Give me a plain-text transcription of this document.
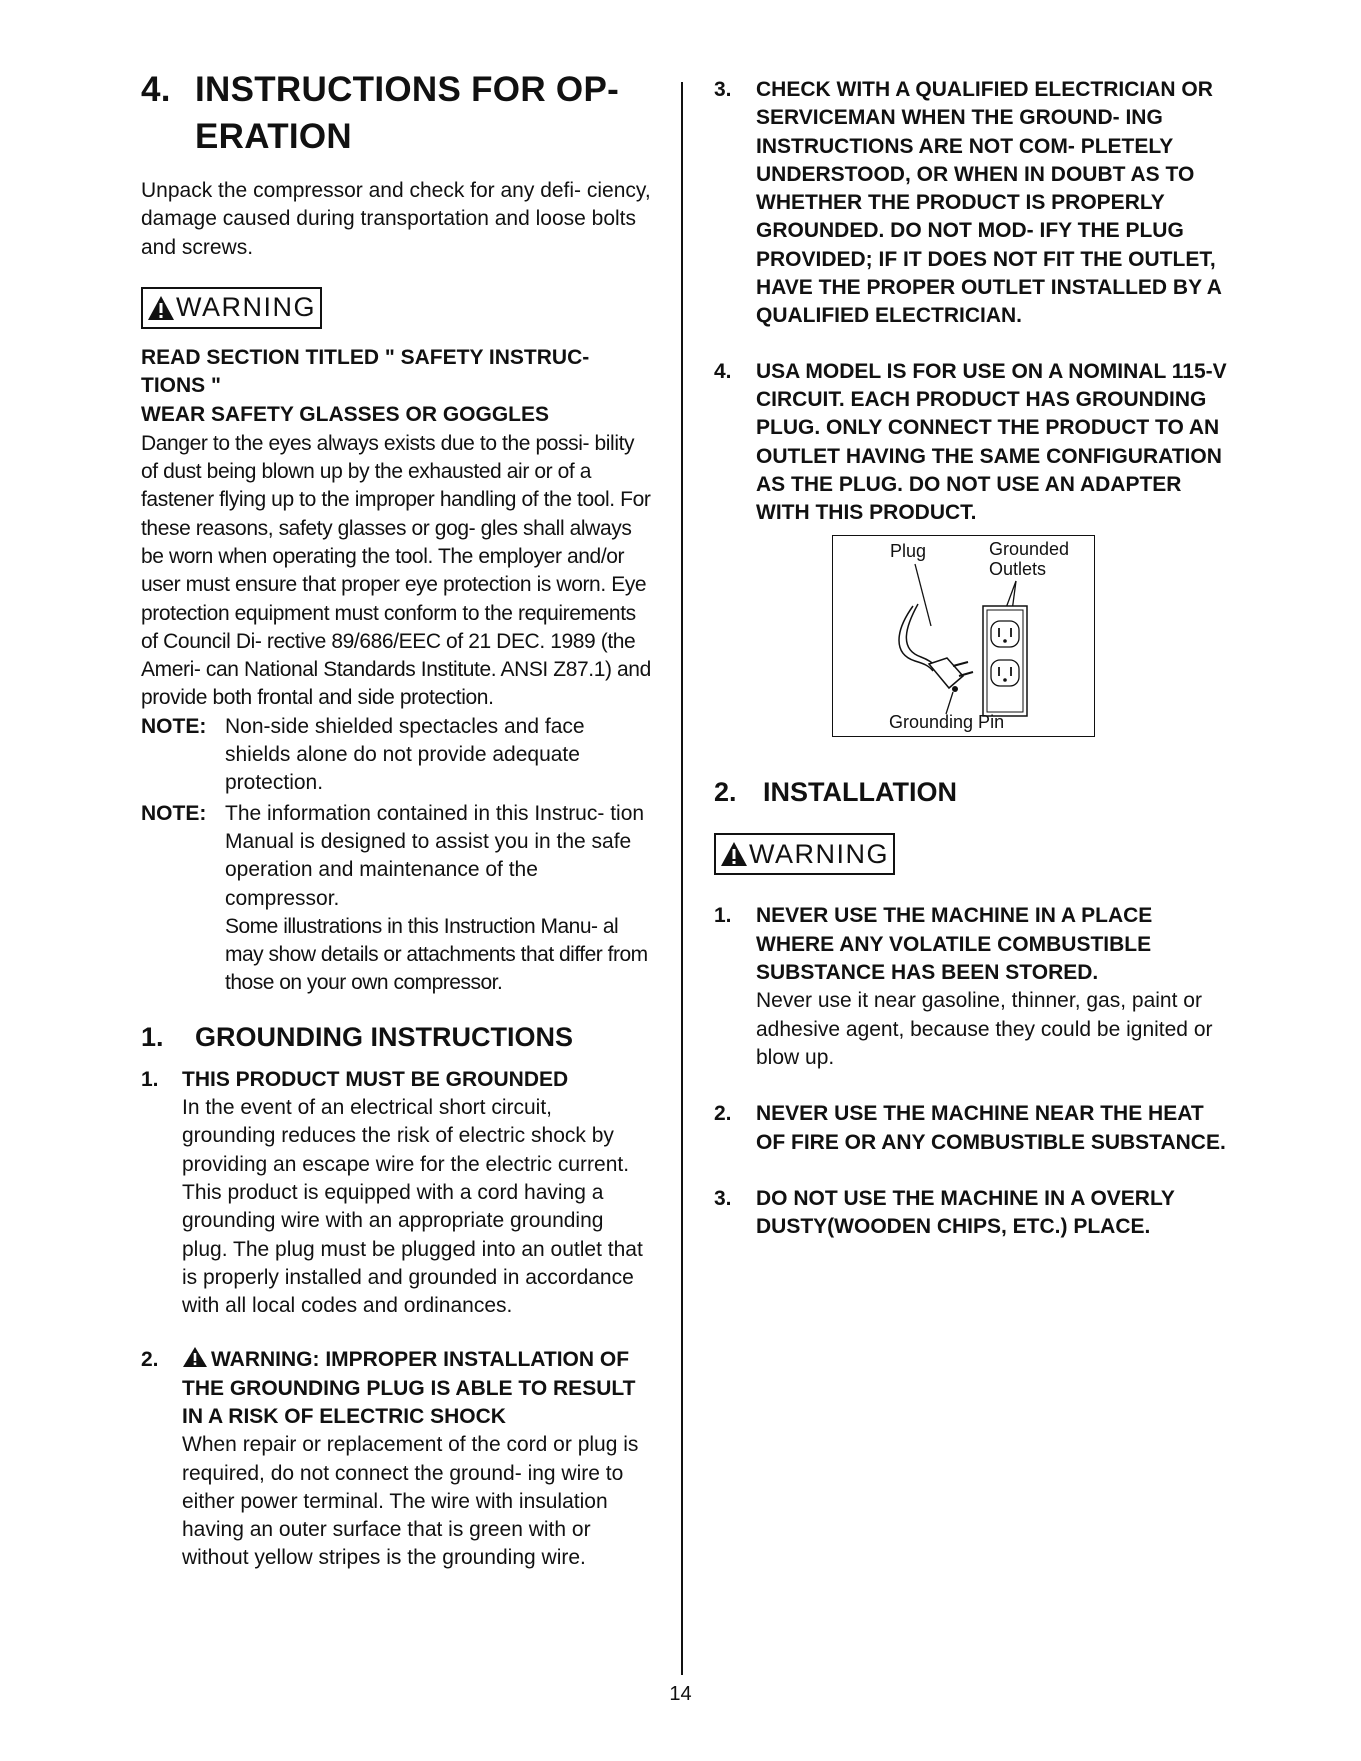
4. INSTRUCTIONS FOR OP-
ERATION

Unpack the compressor and check for any defi- ciency, damage caused during transportation and loose bolts and screws.

WARNING

READ SECTION TITLED " SAFETY INSTRUC- TIONS "

WEAR SAFETY GLASSES OR GOGGLES

Danger to the eyes always exists due to the possi- bility of dust being blown up by the exhausted air or of a fastener flying up to the improper handling of the tool. For these reasons, safety glasses or gog- gles shall always be worn when operating the tool. The employer and/or user must ensure that proper eye protection is worn. Eye protection equipment must conform to the requirements of Council Di- rective 89/686/EEC of 21 DEC. 1989 (the Ameri- can National Standards Institute. ANSI Z87.1) and provide both frontal and side protection.

NOTE: Non-side shielded spectacles and face shields alone do not provide adequate protection.
NOTE: The information contained in this Instruc- tion Manual is designed to assist you in the safe operation and maintenance of the compressor.
Some illustrations in this Instruction Manu- al may show details or attachments that differ from those on your own compressor.
1. GROUNDING INSTRUCTIONS
1.	THIS PRODUCT MUST BE GROUNDED
In the event of an electrical short circuit, grounding reduces the risk of electric shock by providing an escape wire for the electric current. This product is equipped with a cord having a grounding wire with an appropriate grounding plug. The plug must be plugged into an outlet that is properly installed and grounded in accordance with all local codes and ordinances.
2.	WARNING: IMPROPER INSTALLATION OF THE GROUNDING PLUG IS ABLE TO RESULT IN A RISK OF ELECTRIC SHOCK
When repair or replacement of the cord or plug is required, do not connect the ground- ing wire to either power terminal. The wire with insulation having an outer surface that is green with or without yellow stripes is the grounding wire.
3.	CHECK WITH A QUALIFIED ELECTRICIAN OR SERVICEMAN WHEN THE GROUND- ING INSTRUCTIONS ARE NOT COM- PLETELY UNDERSTOOD, OR WHEN IN DOUBT AS TO WHETHER THE PRODUCT IS PROPERLY GROUNDED. DO NOT MOD- IFY THE PLUG PROVIDED; IF IT DOES NOT FIT THE OUTLET, HAVE THE PROPER OUTLET INSTALLED BY A QUALIFIED ELECTRICIAN.
4.	USA MODEL IS FOR USE ON A NOMINAL 115-V CIRCUIT. EACH PRODUCT HAS GROUNDING PLUG. ONLY CONNECT THE PRODUCT TO AN OUTLET HAVING THE SAME CONFIGURATION AS THE PLUG. DO NOT USE AN ADAPTER WITH THIS PRODUCT.
Plug	Grounded
Outlets
Grounding Pin
2. INSTALLATION
WARNING
1.	NEVER USE THE MACHINE IN A PLACE WHERE ANY VOLATILE COMBUSTIBLE SUBSTANCE HAS BEEN STORED.
Never use it near gasoline, thinner, gas, paint or adhesive agent, because they could be ignited or blow up.
2.	NEVER USE THE MACHINE NEAR THE HEAT OF FIRE OR ANY COMBUSTIBLE SUBSTANCE.
3.	DO NOT USE THE MACHINE IN A OVERLY DUSTY(WOODEN CHIPS, ETC.) PLACE.
14
